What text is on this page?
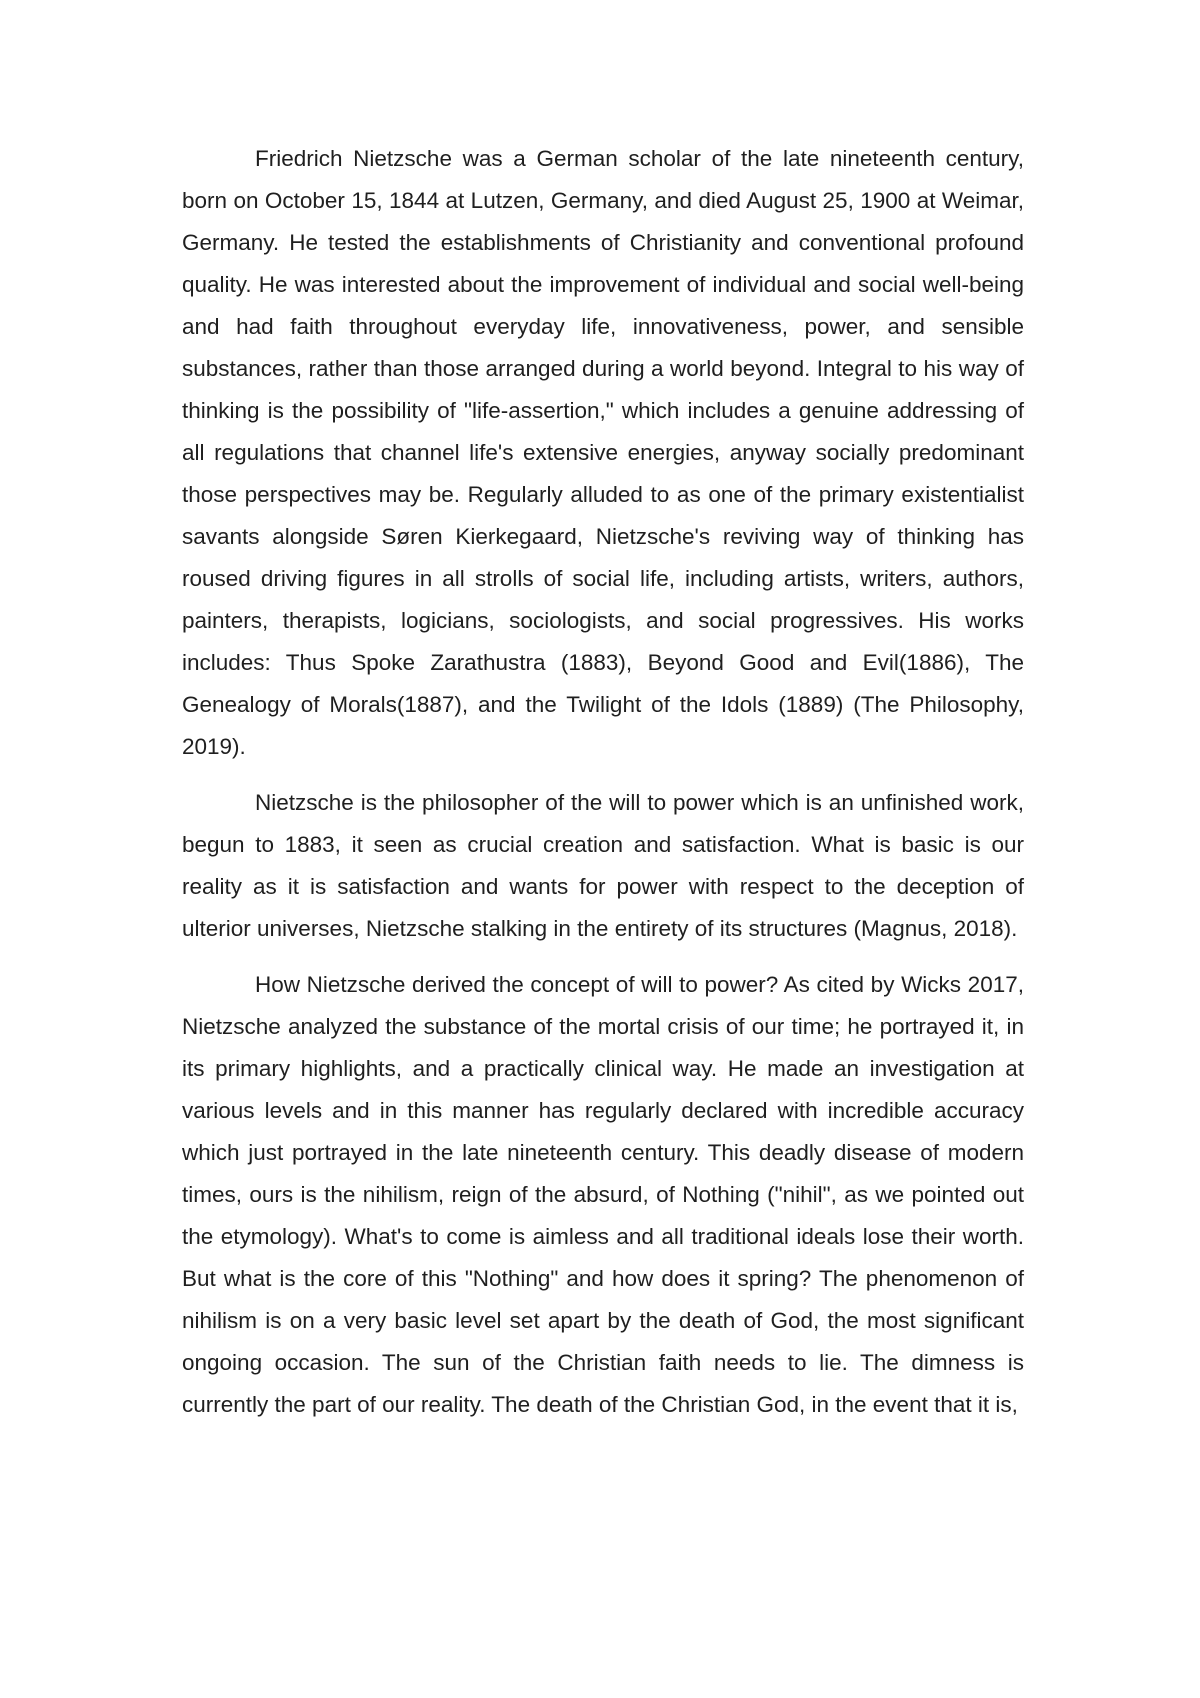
Friedrich Nietzsche was a German scholar of the late nineteenth century, born on October 15, 1844 at Lutzen, Germany, and died August 25, 1900 at Weimar, Germany. He tested the establishments of Christianity and conventional profound quality. He was interested about the improvement of individual and social well-being and had faith throughout everyday life, innovativeness, power, and sensible substances, rather than those arranged during a world beyond. Integral to his way of thinking is the possibility of "life-assertion," which includes a genuine addressing of all regulations that channel life's extensive energies, anyway socially predominant those perspectives may be. Regularly alluded to as one of the primary existentialist savants alongside Søren Kierkegaard, Nietzsche's reviving way of thinking has roused driving figures in all strolls of social life, including artists, writers, authors, painters, therapists, logicians, sociologists, and social progressives. His works includes: Thus Spoke Zarathustra (1883), Beyond Good and Evil(1886), The Genealogy of Morals(1887), and the Twilight of the Idols (1889) (The Philosophy, 2019).

Nietzsche is the philosopher of the will to power which is an unfinished work, begun to 1883, it seen as crucial creation and satisfaction. What is basic is our reality as it is satisfaction and wants for power with respect to the deception of ulterior universes, Nietzsche stalking in the entirety of its structures (Magnus, 2018).

How Nietzsche derived the concept of will to power? As cited by Wicks 2017, Nietzsche analyzed the substance of the mortal crisis of our time; he portrayed it, in its primary highlights, and a practically clinical way. He made an investigation at various levels and in this manner has regularly declared with incredible accuracy which just portrayed in the late nineteenth century. This deadly disease of modern times, ours is the nihilism, reign of the absurd, of Nothing ("nihil", as we pointed out the etymology). What's to come is aimless and all traditional ideals lose their worth. But what is the core of this "Nothing" and how does it spring? The phenomenon of nihilism is on a very basic level set apart by the death of God, the most significant ongoing occasion. The sun of the Christian faith needs to lie. The dimness is currently the part of our reality. The death of the Christian God, in the event that it is,
